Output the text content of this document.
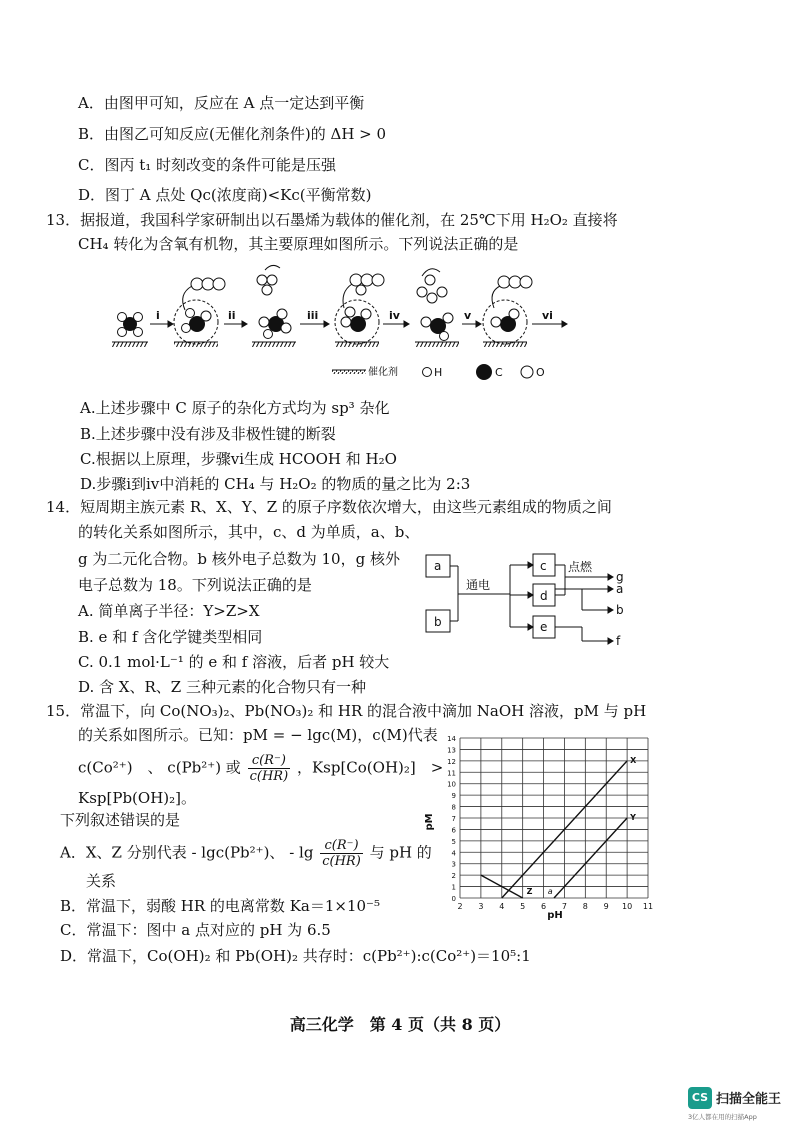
A．由图甲可知，反应在 A 点一定达到平衡
B．由图乙可知反应(无催化剂条件)的 ΔH > 0
C．图丙 t₁ 时刻改变的条件可能是压强
D．图丁 A 点处 Qc(浓度商)<Kc(平衡常数)
13．据报道，我国科学家研制出以石墨烯为载体的催化剂，在 25℃下用 H₂O₂ 直接将
CH₄ 转化为含氧有机物，其主要原理如图所示。下列说法正确的是
i	ii	iii	iv	v	vi
催化剂	H	C	O
A.上述步骤中 C 原子的杂化方式均为 sp³ 杂化
B.上述步骤中没有涉及非极性键的断裂
C.根据以上原理，步骤ⅵ生成 HCOOH 和 H₂O
D.步骤ⅰ到ⅳ中消耗的 CH₄ 与 H₂O₂ 的物质的量之比为 2:3
14．短周期主族元素 R、X、Y、Z 的原子序数依次增大，由这些元素组成的物质之间
的转化关系如图所示，其中，c、d 为单质，a、b、
g 为二元化合物。b 核外电子总数为 10，g 核外
电子总数为 18。下列说法正确的是
A. 简单离子半径：Y>Z>X
B. e 和 f 含化学键类型相同
C. 0.1 mol·L⁻¹ 的 e 和 f 溶液，后者 pH 较大
D. 含 X、R、Z 三种元素的化合物只有一种
a
b
c
d
e
通电
点燃
g
a
b
f
15．常温下，向 Co(NO₃)₂、Pb(NO₃)₂ 和 HR 的混合液中滴加 NaOH 溶液，pM 与 pH
的关系如图所示。已知：pM = − lgc(M)，c(M)代表
c(Co²⁺)　、 c(Pb²⁺) 或 $\frac{c(R^-)}{c(HR)}$ ，Ksp[Co(OH)₂]　>
Ksp[Pb(OH)₂]。
下列叙述错误的是
A．X、Z 分别代表 - lgc(Pb²⁺)、 - $\lg \frac{c(R^-)}{c(HR)}$ 与 pH 的
关系
B．常温下，弱酸 HR 的电离常数 Ka＝1×10⁻⁵
C．常温下：图中 a 点对应的 pH 为 6.5
D．常温下，Co(OH)₂ 和 Pb(OH)₂ 共存时：c(Pb²⁺):c(Co²⁺)＝10⁵:1
2 3 4 5 6 7 8 9 10 11
0
1
2
3
4
5
6
7
8
9
10
11
12
13
14
X
Y
Z a
pH
pM
高三化学　第 4 页（共 8 页）
CS 扫描全能王
3亿人都在用的扫描App
